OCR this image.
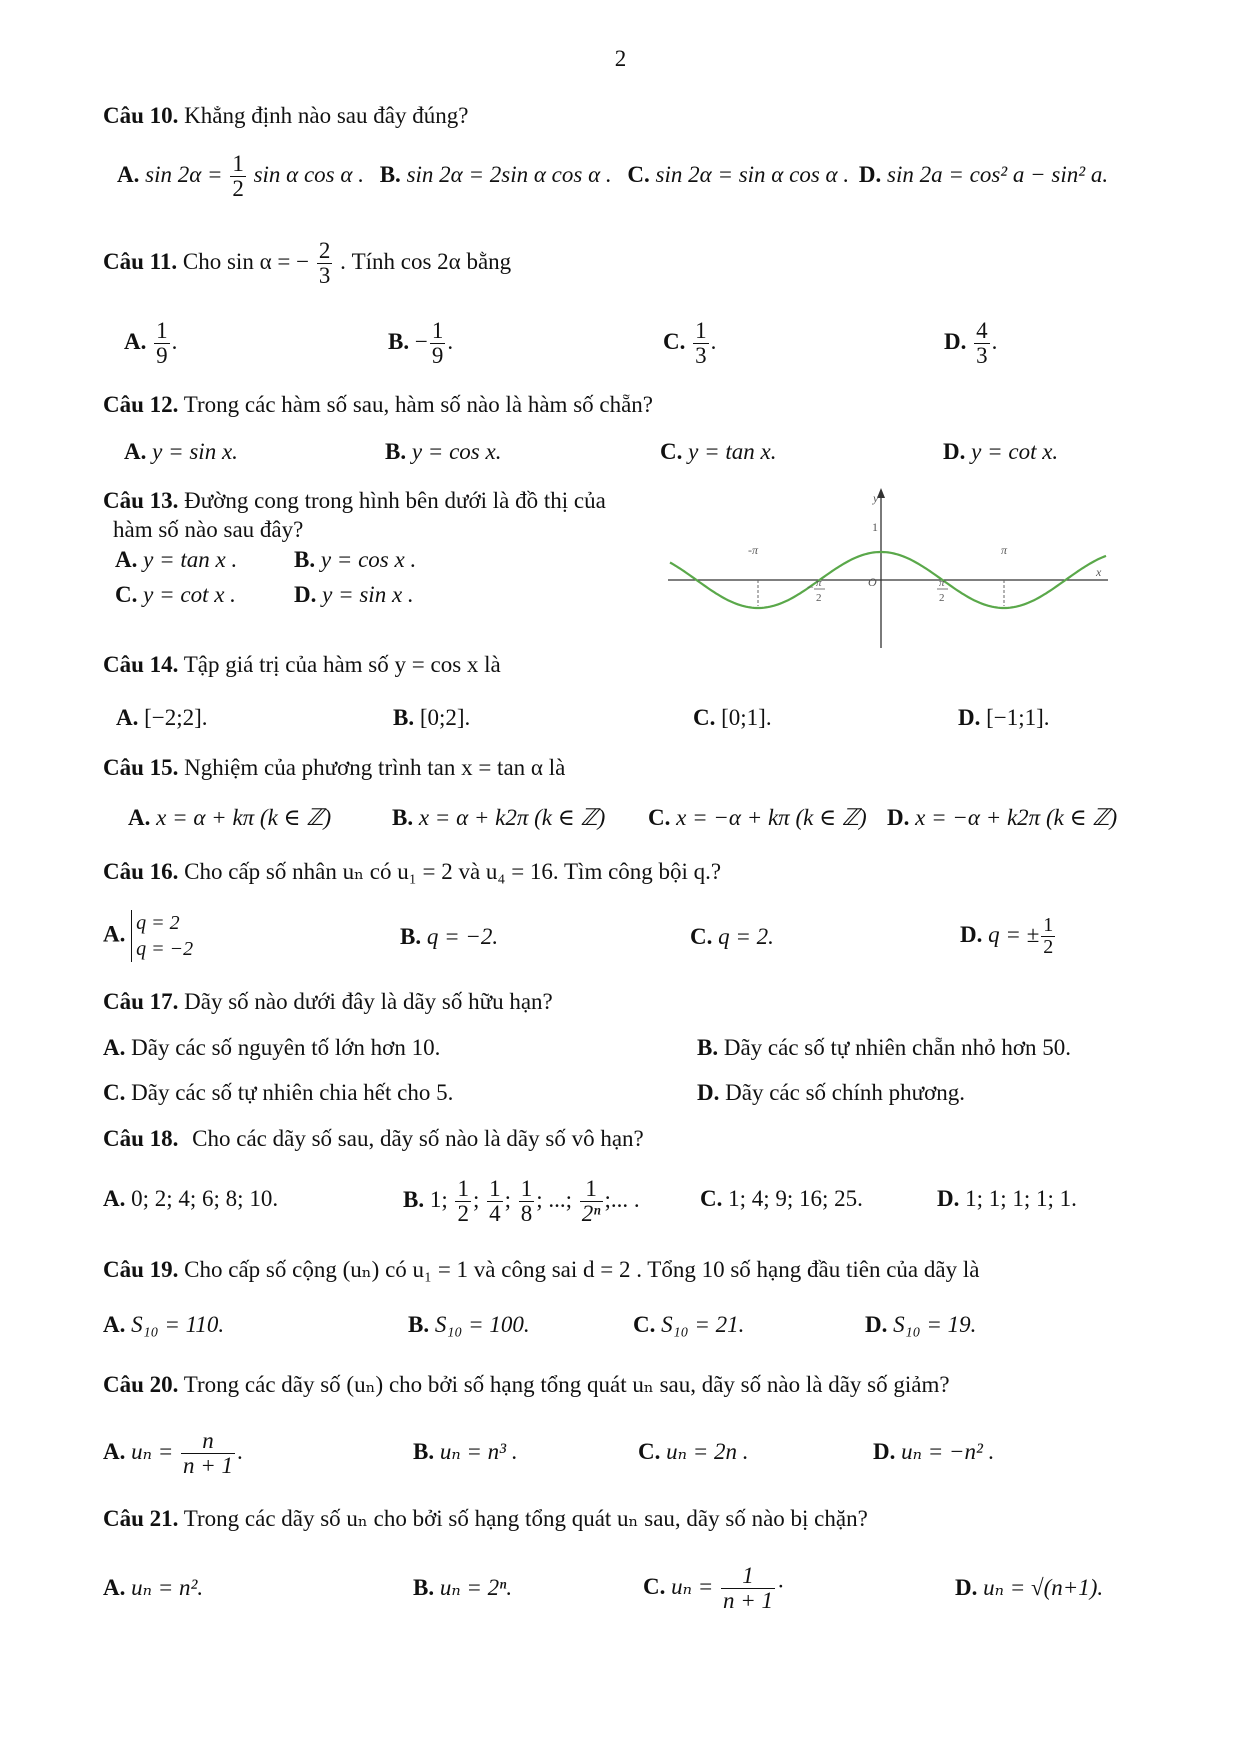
2
Câu 10. Khẳng định nào sau đây đúng?
A. $\sin 2\alpha = \frac{1}{2}$ sin α cos α . B. sin 2α = 2sin α cos α . C. sin 2α = sin α cos α . D. sin 2a = cos² a − sin² a.
Câu 11. Cho sin α = − $\frac{2}{3}$ . Tính cos 2α bằng
A. $\frac{1}{9}$ .	B. − $\frac{1}{9}$ .	C. $\frac{1}{3}$ .	D. $\frac{4}{3}$ .
Câu 12. Trong các hàm số sau, hàm số nào là hàm số chẵn?
A. y = sin x.	B. y = cos x.	C. y = tan x.	D. y = cot x.
Câu 13. Đường cong trong hình bên dưới là đồ thị của
hàm số nào sau đây?
A. y = tan x . B. y = cos x .
C. y = cot x .	D. y = sin x .
y
x
O
1
-π	π
− π
2
π
2
Câu 14. Tập giá trị của hàm số y = cos x là
A. [−2;2].	B. [0;2].	C. [0;1].	D. [−1;1].
Câu 15. Nghiệm của phương trình tan x = tan α là
A. x = α + kπ (k ∈ ℤ)	B. x = α + k2π (k ∈ ℤ) C. x = −α + kπ (k ∈ ℤ) D. x = −α + k2π (k ∈ ℤ)
Câu 16. Cho cấp số nhân uₙ có u₁ = 2 và u₄ = 16. Tìm công bội q.?
A. q = 2
q = −2	B. q = −2.	C. q = 2.	D. q = ± $\frac{1}{2}$
Câu 17. Dãy số nào dưới đây là dãy số hữu hạn?
A. Dãy các số nguyên tố lớn hơn 10.	B. Dãy các số tự nhiên chẵn nhỏ hơn 50.
C. Dãy các số tự nhiên chia hết cho 5.	D. Dãy các số chính phương.
Câu 18. Cho các dãy số sau, dãy số nào là dãy số vô hạn?
A. 0; 2; 4; 6; 8; 10.	B. 1; $\frac{1}{2}$ ; $\frac{1}{4}$ ; $\frac{1}{8}$ ; ...; $\frac{1}{\text{2ⁿ}}$ ;... .	C. 1; 4; 9; 16; 25.	D. 1; 1; 1; 1; 1.
Câu 19. Cho cấp số cộng (uₙ) có u₁ = 1 và công sai d = 2 . Tổng 10 số hạng đầu tiên của dãy là
A. S₁₀ = 110.	B. S₁₀ = 100.	C. S₁₀ = 21.	D. S₁₀ = 19.
Câu 20. Trong các dãy số (uₙ) cho bởi số hạng tổng quát uₙ sau, dãy số nào là dãy số giảm?
A. $u_n = \frac{n}{n + 1}$ .	B. uₙ = n³ .	C. uₙ = 2n .	D. uₙ = −n² .
Câu 21. Trong các dãy số uₙ cho bởi số hạng tổng quát uₙ sau, dãy số nào bị chặn?
A. uₙ = n².	B. uₙ = 2ⁿ.	C. $u_n = \frac{1}{n + 1}$ ·	D. uₙ = √(n+1).
